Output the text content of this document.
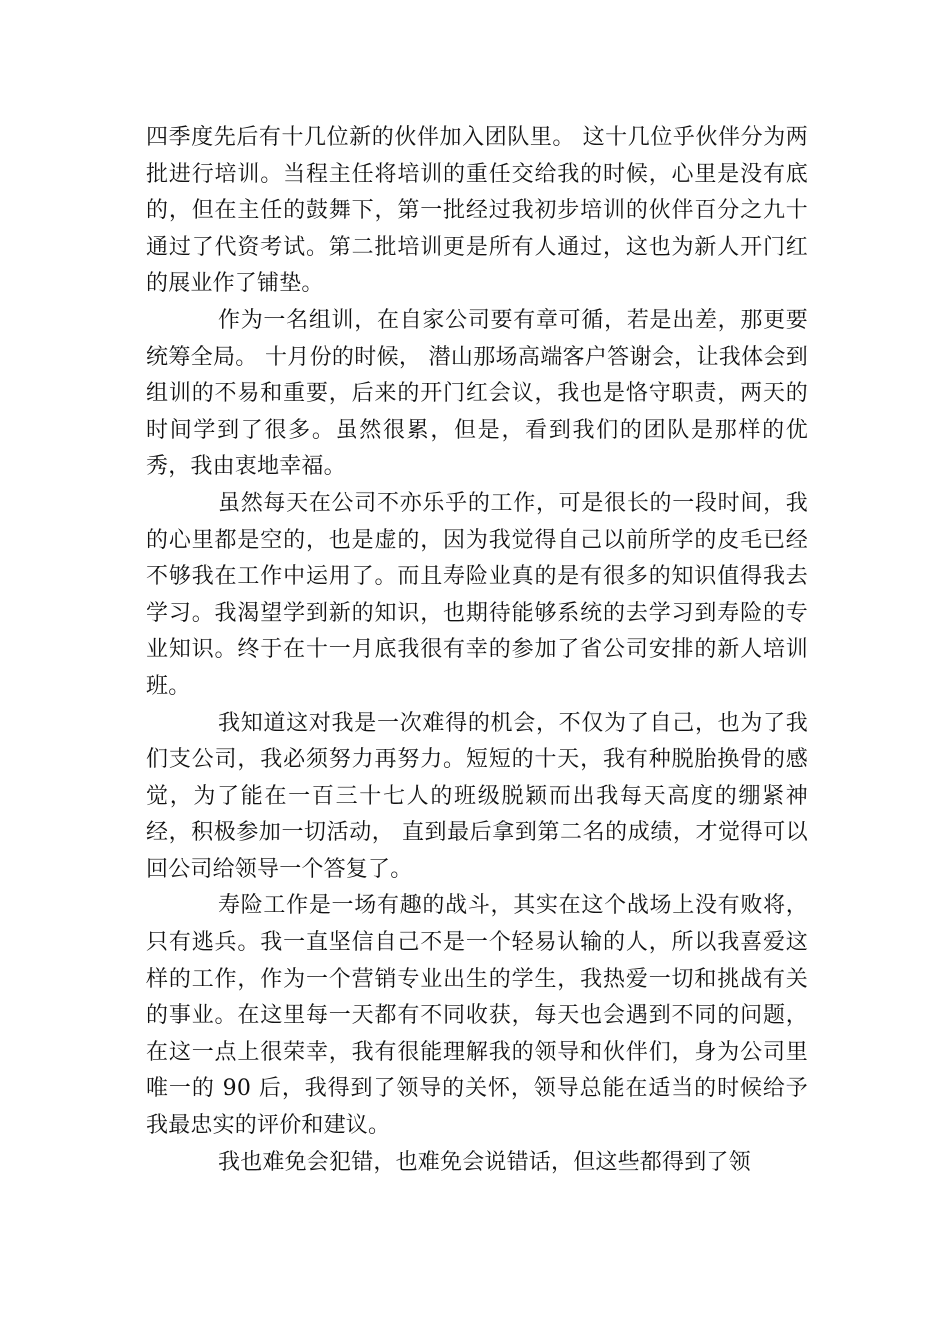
四季度先后有十几位新的伙伴加入团队里。 这十几位乎伙伴分为两批进行培训。当程主任将培训的重任交给我的时候，心里是没有底的，但在主任的鼓舞下，第一批经过我初步培训的伙伴百分之九十通过了代资考试。第二批培训更是所有人通过，这也为新人开门红的展业作了铺垫。

作为一名组训，在自家公司要有章可循，若是出差，那更要统筹全局。 十月份的时候， 潜山那场高端客户答谢会，让我体会到组训的不易和重要，后来的开门红会议，我也是恪守职责，两天的时间学到了很多。虽然很累，但是，看到我们的团队是那样的优秀，我由衷地幸福。

虽然每天在公司不亦乐乎的工作，可是很长的一段时间，我的心里都是空的，也是虚的，因为我觉得自己以前所学的皮毛已经不够我在工作中运用了。而且寿险业真的是有很多的知识值得我去学习。我渴望学到新的知识，也期待能够系统的去学习到寿险的专业知识。终于在十一月底我很有幸的参加了省公司安排的新人培训班。

我知道这对我是一次难得的机会，不仅为了自己，也为了我们支公司，我必须努力再努力。短短的十天，我有种脱胎换骨的感觉，为了能在一百三十七人的班级脱颖而出我每天高度的绷紧神经，积极参加一切活动， 直到最后拿到第二名的成绩，才觉得可以回公司给领导一个答复了。

寿险工作是一场有趣的战斗，其实在这个战场上没有败将，只有逃兵。我一直坚信自己不是一个轻易认输的人，所以我喜爱这样的工作，作为一个营销专业出生的学生，我热爱一切和挑战有关的事业。在这里每一天都有不同收获，每天也会遇到不同的问题，在这一点上很荣幸，我有很能理解我的领导和伙伴们，身为公司里唯一的 90 后，我得到了领导的关怀，领导总能在适当的时候给予我最忠实的评价和建议。

我也难免会犯错，也难免会说错话，但这些都得到了领
